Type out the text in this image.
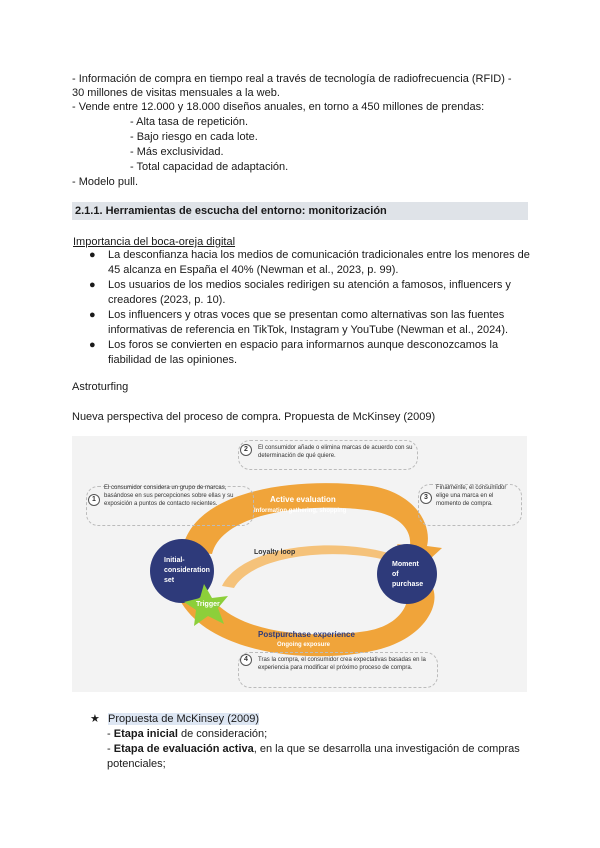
- Información de compra en tiempo real a través de tecnología de radiofrecuencia (RFID) -
30 millones de visitas mensuales a la web.
- Vende entre 12.000 y 18.000 diseños anuales, en torno a 450 millones de prendas:
- Alta tasa de repetición.
- Bajo riesgo en cada lote.
- Más exclusividad.
- Total capacidad de adaptación.
- Modelo pull.
2.1.1. Herramientas de escucha del entorno: monitorización
Importancia del boca-oreja digital
● La desconfianza hacia los medios de comunicación tradicionales entre los menores de 45 alcanza en España el 40% (Newman et al., 2023, p. 99).
● Los usuarios de los medios sociales redirigen su atención a famosos, influencers y creadores (2023, p. 10).
● Los influencers y otras voces que se presentan como alternativas son las fuentes informativas de referencia en TikTok, Instagram y YouTube (Newman et al., 2024).
● Los foros se convierten en espacio para informarnos aunque desconozcamos la fiabilidad de las opiniones.
Astroturfing
Nueva perspectiva del proceso de compra. Propuesta de McKinsey (2009)
Initial-
consideration
set
Moment
of
purchase
Trigger
Active evaluation
Information gathering, shopping
Loyalty loop
Postpurchase experience
Ongoing exposure
1
2
3
4
El consumidor considera un grupo de marcas, basándose en sus percepciones sobre ellas y su exposición a puntos de contacto recientes.
El consumidor añade o elimina marcas de acuerdo con su determinación de qué quiere.
Finalmente, el consumidor elige una marca en el momento de compra.
Tras la compra, el consumidor crea expectativas basadas en la experiencia para modificar el próximo proceso de compra.
★ Propuesta de McKinsey (2009)
- Etapa inicial de consideración;
- Etapa de evaluación activa, en la que se desarrolla una investigación de compras
potenciales;
